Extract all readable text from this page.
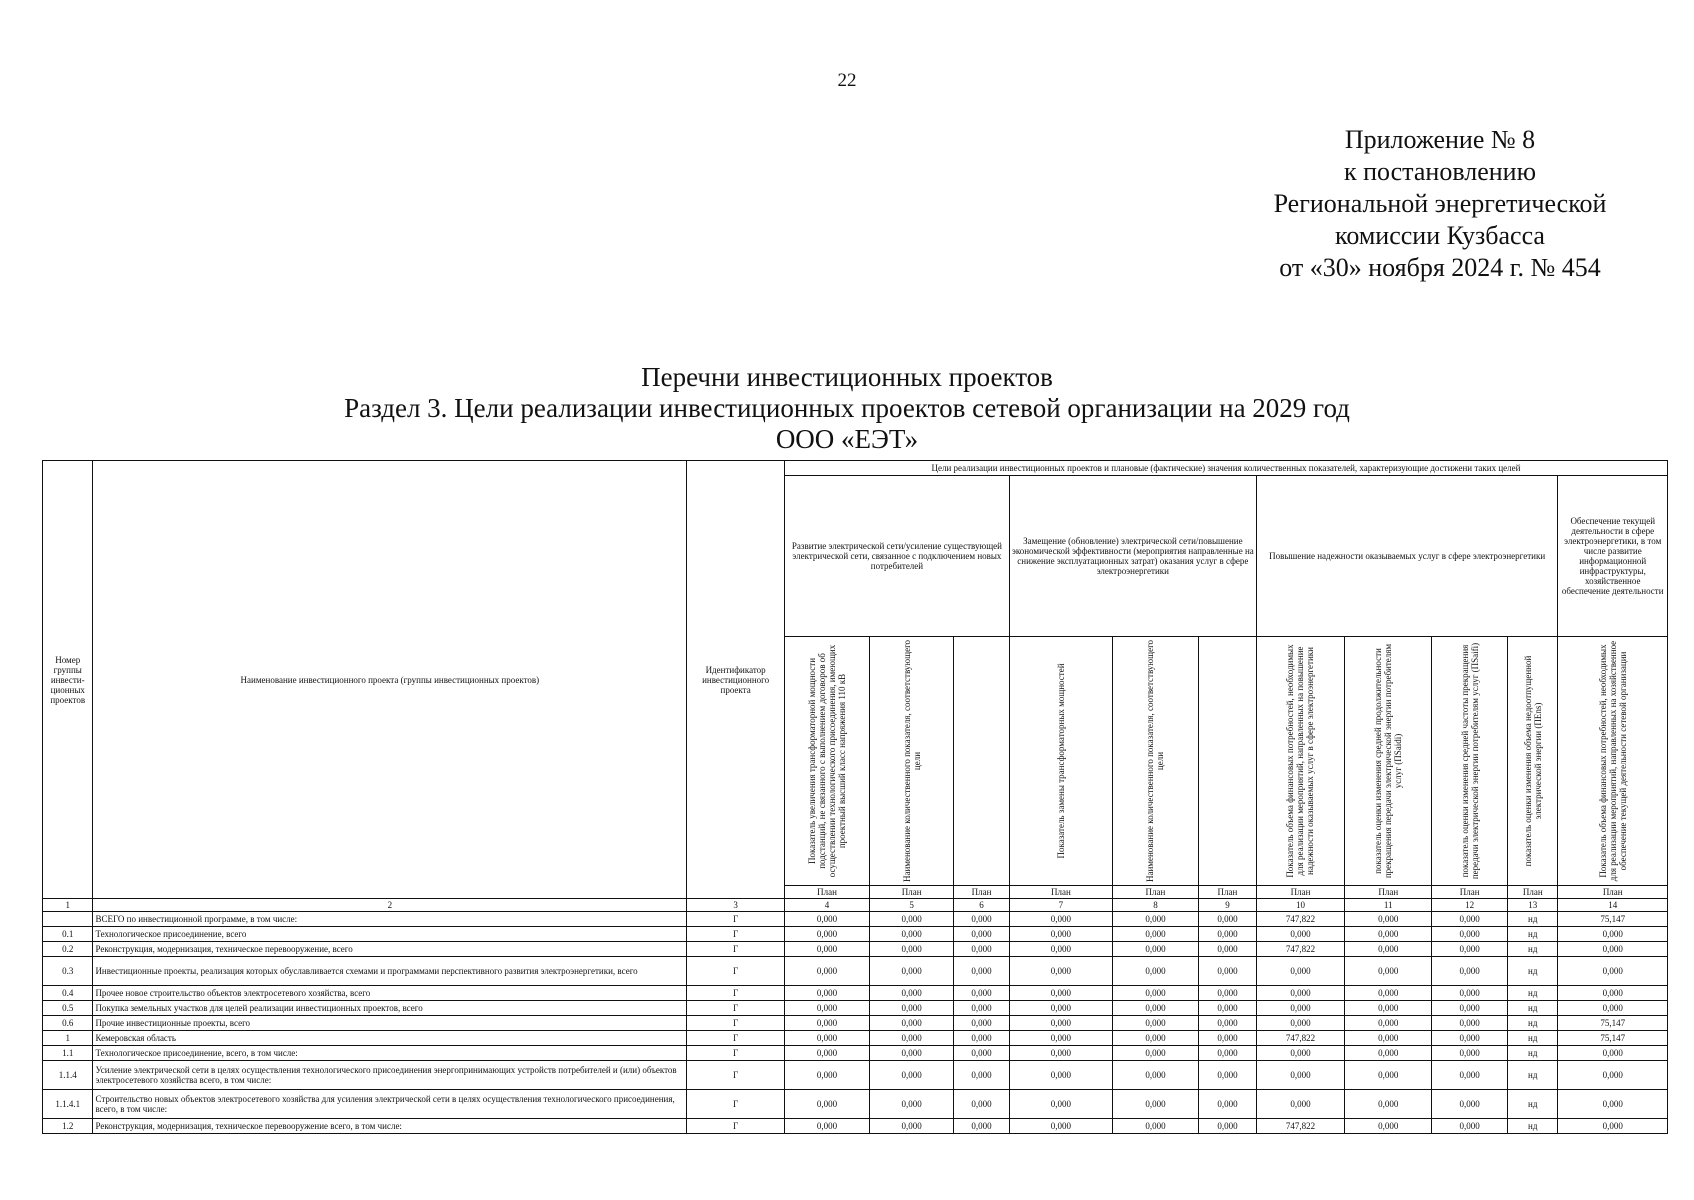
22
Приложение № 8
к постановлению
Региональной энергетической
комиссии Кузбасса
от «30» ноября 2024 г. № 454
Перечни инвестиционных проектов
Раздел 3. Цели реализации инвестиционных проектов сетевой организации на 2029 год
ООО «ЕЭТ»
Номер группы инвести-ционных проектов	Наименование инвестиционного проекта (группы инвестиционных проектов)	Идентификатор инвестиционного проекта	Цели реализации инвестиционных проектов и плановые (фактические) значения количественных показателей, характеризующие достижени таких целей										
			Развитие электрической сети/усиление существующей электрической сети, связанное с подключением новых потребителей			Замещение (обновление) электрической сети/повышение экономической эффективности (мероприятия направленные на снижение эксплуатационных затрат) оказания услуг в сфере электроэнергетики			Повышение надежности оказываемых услуг в сфере электроэнергетики				Обеспечение текущей деятельности в сфере электроэнергетики, в том числе развитие информационной инфраструктуры, хозяйственное обеспечение деятельности

			Показатель увеличения трансформаторной мощности подстанций, не связанного с выполнением договоров об осуществлении технологического присоединения, имеющих проектный высший класс напряжения 110 кВ	Наименование количественного показателя, соответствующего цели		Показатель замены трансформаторных мощностей	Наименование количественного показателя, соответствующего цели		Показатель объема финансовых потребностей, необходимых для реализации мероприятий, направленных на повышение надежности оказываемых услуг в сфере электроэнергетики	показатель оценки изменения средней продолжительности прекращения передачи электрической энергии потребителям услуг (ΠSaidi)	показатель оценки изменения средней частоты прекращения передачи электрической энергии потребителям услуг (ΠSaifi)	показатель оценки изменения объема недоотпущенной электрической энергии (ΠEns)	Показатель объема финансовых потребностей, необходимых для реализации мероприятий, направленных на хозяйственное обеспечение текущей деятельности сетевой организации

			План	План	План	План	План	План	План	План	План	План	План
1	2	3	4	5	6	7	8	9	10	11	12	13	14
	ВСЕГО по инвестиционной программе, в том числе:	Г	0,000	0,000	0,000	0,000	0,000	0,000	747,822	0,000	0,000	нд	75,147
0.1	Технологическое присоединение, всего	Г	0,000	0,000	0,000	0,000	0,000	0,000	0,000	0,000	0,000	нд	0,000
0.2	Реконструкция, модернизация, техническое перевооружение, всего	Г	0,000	0,000	0,000	0,000	0,000	0,000	747,822	0,000	0,000	нд	0,000
0.3	Инвестиционные проекты, реализация которых обуславливается схемами и программами перспективного развития электроэнергетики, всего	Г	0,000	0,000	0,000	0,000	0,000	0,000	0,000	0,000	0,000	нд	0,000
0.4	Прочее новое строительство объектов электросетевого хозяйства, всего	Г	0,000	0,000	0,000	0,000	0,000	0,000	0,000	0,000	0,000	нд	0,000
0.5	Покупка земельных участков для целей реализации инвестиционных проектов, всего	Г	0,000	0,000	0,000	0,000	0,000	0,000	0,000	0,000	0,000	нд	0,000
0.6	Прочие инвестиционные проекты, всего	Г	0,000	0,000	0,000	0,000	0,000	0,000	0,000	0,000	0,000	нд	75,147
1	Кемеровская область	Г	0,000	0,000	0,000	0,000	0,000	0,000	747,822	0,000	0,000	нд	75,147
1.1	Технологическое присоединение, всего, в том числе:	Г	0,000	0,000	0,000	0,000	0,000	0,000	0,000	0,000	0,000	нд	0,000
1.1.4	Усиление электрической сети в целях осуществления технологического присоединения энергопринимающих устройств потребителей и (или) объектов электросетевого хозяйства всего, в том числе:	Г	0,000	0,000	0,000	0,000	0,000	0,000	0,000	0,000	0,000	нд	0,000
1.1.4.1	Строительство новых объектов электросетевого хозяйства для усиления электрической сети в целях осуществления технологического присоединения, всего, в том числе:	Г	0,000	0,000	0,000	0,000	0,000	0,000	0,000	0,000	0,000	нд	0,000
1.2	Реконструкция, модернизация, техническое перевооружение всего, в том числе:	Г	0,000	0,000	0,000	0,000	0,000	0,000	747,822	0,000	0,000	нд	0,000
